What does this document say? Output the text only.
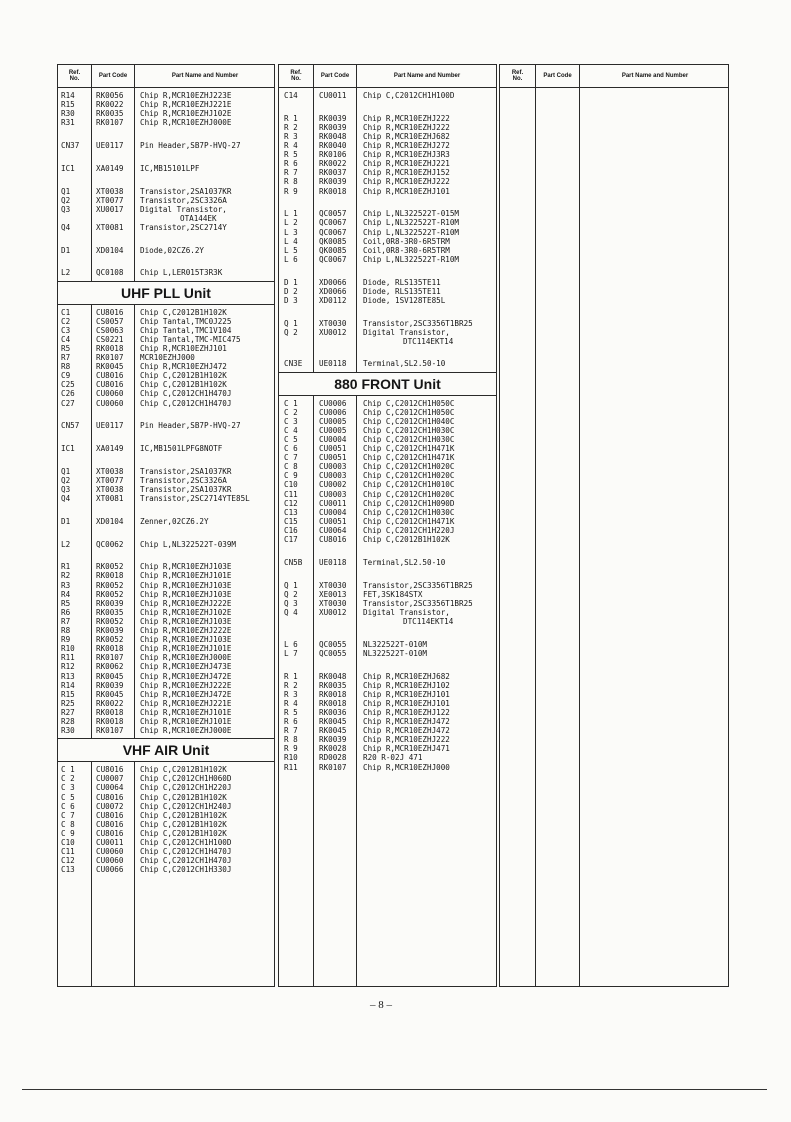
Ref.
No.	Part Code	Part Name and Number
R14	RK0056 Chip R,MCR10EZHJ223E
R15	RK0022 Chip R,MCR10EZHJ221E
R30	RK0035 Chip R,MCR10EZHJ102E
R31	RK0107 Chip R,MCR10EZHJ000E
CN37 UE0117 Pin Header,SB7P-HVQ-27
IC1	XA0149 IC,MB15101LPF
Q1	XT0038 Transistor,2SA1037KR
Q2	XT0077 Transistor,2SC3326A
Q3	XU0017 Digital Transistor,
OTA144EK
Q4	XT0081 Transistor,2SC2714Y
D1	XD0104 Diode,02CZ6.2Y
L2	QC0108 Chip L,LER015T3R3K
UHF PLL Unit
C1	CU8016 Chip C,C2012B1H102K
C2	CS0057 Chip Tantal,TMC0J225
C3	CS0063 Chip Tantal,TMC1V104
C4	CS0221 Chip Tantal,TMC-MIC475
R5	RK0018 Chip R,MCR10EZHJ101
R7	RK0107 MCR10EZHJ000
R8	RK0045 Chip R,MCR10EZHJ472
C9	CU8016 Chip C,C2012B1H102K
C25	CU8016 Chip C,C2012B1H102K
C26	CU0060 Chip C,C2012CH1H470J
C27	CU0060 Chip C,C2012CH1H470J
CN57 UE0117 Pin Header,SB7P-HVQ-27
IC1	XA0149 IC,MB1501LPFG8NOTF
Q1	XT0038 Transistor,2SA1037KR
Q2	XT0077 Transistor,2SC3326A
Q3	XT0038 Transistor,2SA1037KR
Q4	XT0081 Transistor,2SC2714YTE85L
D1	XD0104 Zenner,02CZ6.2Y
L2	QC0062 Chip L,NL322522T-039M
R1	RK0052 Chip R,MCR10EZHJ103E
R2	RK0018 Chip R,MCR10EZHJ101E
R3	RK0052 Chip R,MCR10EZHJ103E
R4	RK0052 Chip R,MCR10EZHJ103E
R5	RK0039 Chip R,MCR10EZHJ222E
R6	RK0035 Chip R,MCR10EZHJ102E
R7	RK0052 Chip R,MCR10EZHJ103E
R8	RK0039 Chip R,MCR10EZHJ222E
R9	RK0052 Chip R,MCR10EZHJ103E
R10	RK0018 Chip R,MCR10EZHJ101E
R11	RK0107 Chip R,MCR10EZHJ000E
R12	RK0062 Chip R,MCR10EZHJ473E
R13	RK0045 Chip R,MCR10EZHJ472E
R14	RK0039 Chip R,MCR10EZHJ222E
R15	RK0045 Chip R,MCR10EZHJ472E
R25	RK0022 Chip R,MCR10EZHJ221E
R27	RK0018 Chip R,MCR10EZHJ101E
R28	RK0018 Chip R,MCR10EZHJ101E
R30	RK0107 Chip R,MCR10EZHJ000E
VHF AIR Unit
C 1	CU8016 Chip C,C2012B1H102K
C 2	CU0007 Chip C,C2012CH1H060D
C 3	CU0064 Chip C,C2012CH1H220J
C 5	CU8016 Chip C,C2012B1H102K
C 6	CU0072 Chip C,C2012CH1H240J
C 7	CU8016 Chip C,C2012B1H102K
C 8	CU8016 Chip C,C2012B1H102K
C 9	CU8016 Chip C,C2012B1H102K
C10	CU0011 Chip C,C2012CH1H100D
C11	CU0060 Chip C,C2012CH1H470J
C12	CU0060 Chip C,C2012CH1H470J
C13	CU0066 Chip C,C2012CH1H330J
Ref.
No.	Part Code	Part Name and Number
C14	CU0011 Chip C,C2012CH1H100D
R 1	RK0039 Chip R,MCR10EZHJ222
R 2	RK0039 Chip R,MCR10EZHJ222
R 3	RK0048 Chip R,MCR10EZHJ682
R 4	RK0040 Chip R,MCR10EZHJ272
R 5	RK0106 Chip R,MCR10EZHJ3R3
R 6	RK0022 Chip R,MCR10EZHJ221
R 7	RK0037 Chip R,MCR10EZHJ152
R 8	RK0039 Chip R,MCR10EZHJ222
R 9	RK0018 Chip R,MCR10EZHJ101
L 1	QC0057 Chip L,NL322522T-015M
L 2	QC0067 Chip L,NL322522T-R10M
L 3	QC0067 Chip L,NL322522T-R10M
L 4	QK0085 Coil,0R8-3R0-6R5TRM
L 5	QK0085 Coil,0R8-3R0-6R5TRM
L 6	QC0067 Chip L,NL322522T-R10M
D 1	XD0066 Diode, RLS135TE11
D 2	XD0066 Diode, RLS135TE11
D 3	XD0112 Diode, 1SV128TE85L
Q 1	XT0030 Transistor,2SC3356T1BR25
Q 2	XU0012 Digital Transistor,
DTC114EKT14
CN3E UE0118 Terminal,SL2.50-10
880 FRONT Unit
C 1	CU0006 Chip C,C2012CH1H050C
C 2	CU0006 Chip C,C2012CH1H050C
C 3	CU0005 Chip C,C2012CH1H040C
C 4	CU0005 Chip C,C2012CH1H030C
C 5	CU0004 Chip C,C2012CH1H030C
C 6	CU0051 Chip C,C2012CH1H471K
C 7	CU0051 Chip C,C2012CH1H471K
C 8	CU0003 Chip C,C2012CH1H020C
C 9	CU0003 Chip C,C2012CH1H020C
C10	CU0002 Chip C,C2012CH1H010C
C11	CU0003 Chip C,C2012CH1H020C
C12	CU0011 Chip C,C2012CH1H090D
C13	CU0004 Chip C,C2012CH1H030C
C15	CU0051 Chip C,C2012CH1H471K
C16	CU0064 Chip C,C2012CH1H220J
C17	CU8016 Chip C,C2012B1H102K
CN5B UE0118 Terminal,SL2.50-10
Q 1	XT0030 Transistor,2SC3356T1BR25
Q 2	XE0013 FET,3SK184STX
Q 3	XT0030 Transistor,2SC3356T1BR25
Q 4	XU0012 Digital Transistor,
DTC114EKT14
L 6	QC0055 NL322522T-010M
L 7	QC0055 NL322522T-010M
R 1	RK0048 Chip R,MCR10EZHJ682
R 2	RK0035 Chip R,MCR10EZHJ102
R 3	RK0018 Chip R,MCR10EZHJ101
R 4	RK0018 Chip R,MCR10EZHJ101
R 5	RK0036 Chip R,MCR10EZHJ122
R 6	RK0045 Chip R,MCR10EZHJ472
R 7	RK0045 Chip R,MCR10EZHJ472
R 8	RK0039 Chip R,MCR10EZHJ222
R 9	RK0028 Chip R,MCR10EZHJ471
R10	RD0028 R20 R-02J 471
R11	RK0107 Chip R,MCR10EZHJ000
Ref.
No.	Part Code	Part Name and Number
– 8 –
